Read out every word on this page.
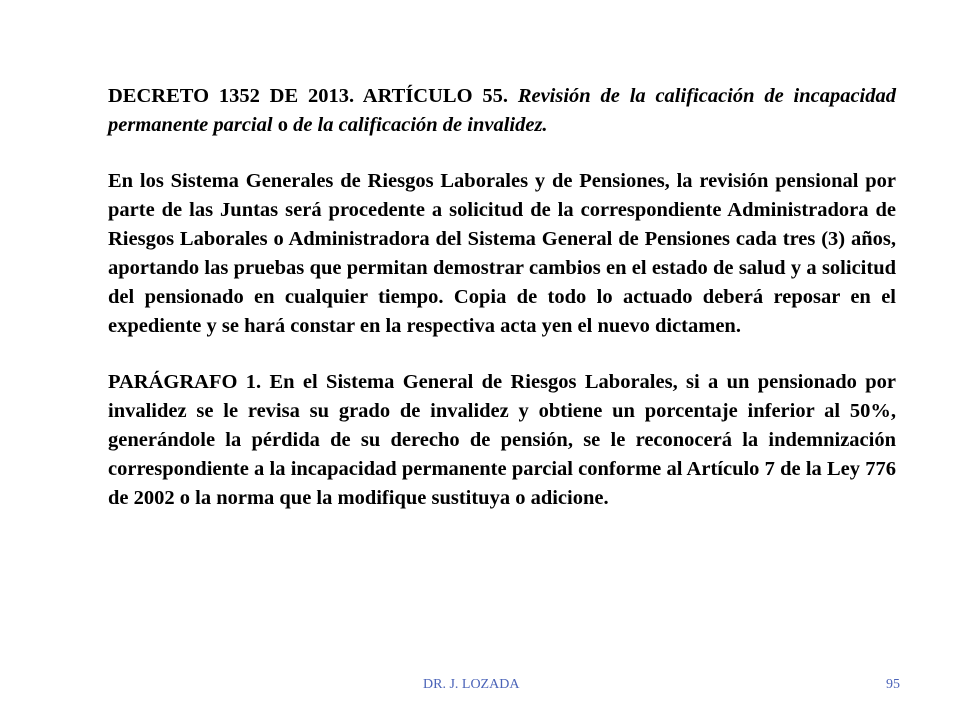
DECRETO 1352 DE 2013. ARTÍCULO 55. Revisión de la calificación de incapacidad permanente parcial o de la calificación de invalidez.

En los Sistema Generales de Riesgos Laborales y de Pensiones, la revisión pensional por parte de las Juntas será procedente a solicitud de la correspondiente Administradora de Riesgos Laborales o Administradora del Sistema General de Pensiones cada tres (3) años, aportando las pruebas que permitan demostrar cambios en el estado de salud y a solicitud del pensionado en cualquier tiempo. Copia de todo lo actuado deberá reposar en el expediente y se hará constar en la respectiva acta yen el nuevo dictamen.

PARÁGRAFO 1. En el Sistema General de Riesgos Laborales, si a un pensionado por invalidez se le revisa su grado de invalidez y obtiene un porcentaje inferior al 50%, generándole la pérdida de su derecho de pensión, se le reconocerá la indemnización correspondiente a la incapacidad permanente parcial conforme al Artículo 7 de la Ley 776 de 2002 o la norma que la modifique sustituya o adicione.

DR. J. LOZADA	95
